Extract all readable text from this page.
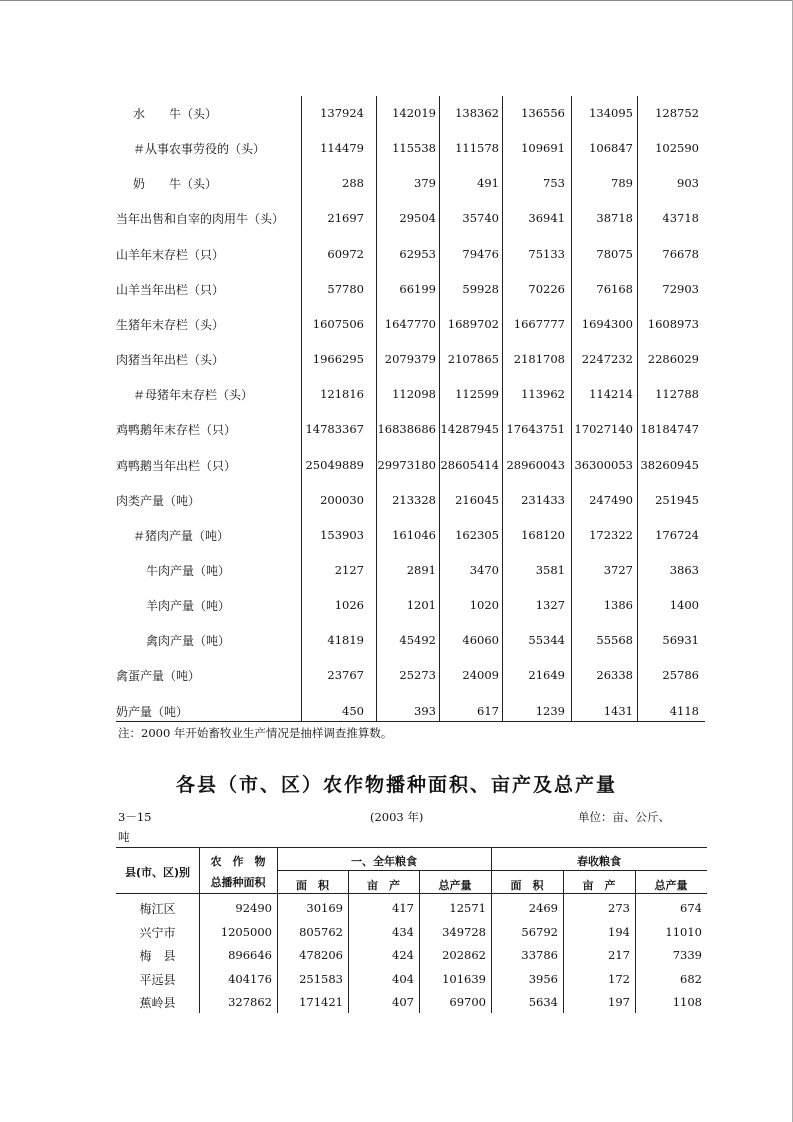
水　　牛（头）	137924	142019	138362	136556	134095	128752
＃从事农事劳役的（头）	114479	115538	111578	109691	106847	102590
奶　　牛（头）	288	379	491	753	789	903
当年出售和自宰的肉用牛（头）	21697	29504	35740	36941	38718	43718
山羊年末存栏（只）	60972	62953	79476	75133	78075	76678
山羊当年出栏（只）	57780	66199	59928	70226	76168	72903
生猪年末存栏（头）	1607506	1647770	1689702	1667777	1694300	1608973
肉猪当年出栏（头）	1966295	2079379	2107865	2181708	2247232	2286029
＃母猪年末存栏（头）	121816	112098	112599	113962	114214	112788
鸡鸭鹅年末存栏（只）	14783367 16838686 14287945 17643751 17027140 18184747
鸡鸭鹅当年出栏（只）	25049889 29973180 28605414 28960043 36300053 38260945
肉类产量（吨）	200030	213328	216045	231433	247490	251945
＃猪肉产量（吨）	153903	161046	162305	168120	172322	176724
牛肉产量（吨）	2127	2891	3470	3581	3727	3863
羊肉产量（吨）	1026	1201	1020	1327	1386	1400
禽肉产量（吨）	41819	45492	46060	55344	55568	56931
禽蛋产量（吨）	23767	25273	24009	21649	26338	25786
奶产量（吨）	450	393	617	1239	1431	4118
注：2000 年开始畜牧业生产情况是抽样调查推算数。
各县（市、区）农作物播种面积、亩产及总产量
3－15	(2003 年)	单位：亩、公斤、
吨
县(市、区)别
农　作　物
总播种面积
一、全年粮食	春收粮食
面　积	亩　产	总产量	面　积	亩　产	总产量
梅江区	92490	30169	417	12571	2469	273	674
兴宁市	1205000	805762	434	349728	56792	194	11010
梅　县	896646	478206	424	202862	33786	217	7339
平远县	404176	251583	404	101639	3956	172	682
蕉岭县	327862	171421	407	69700	5634	197	1108
